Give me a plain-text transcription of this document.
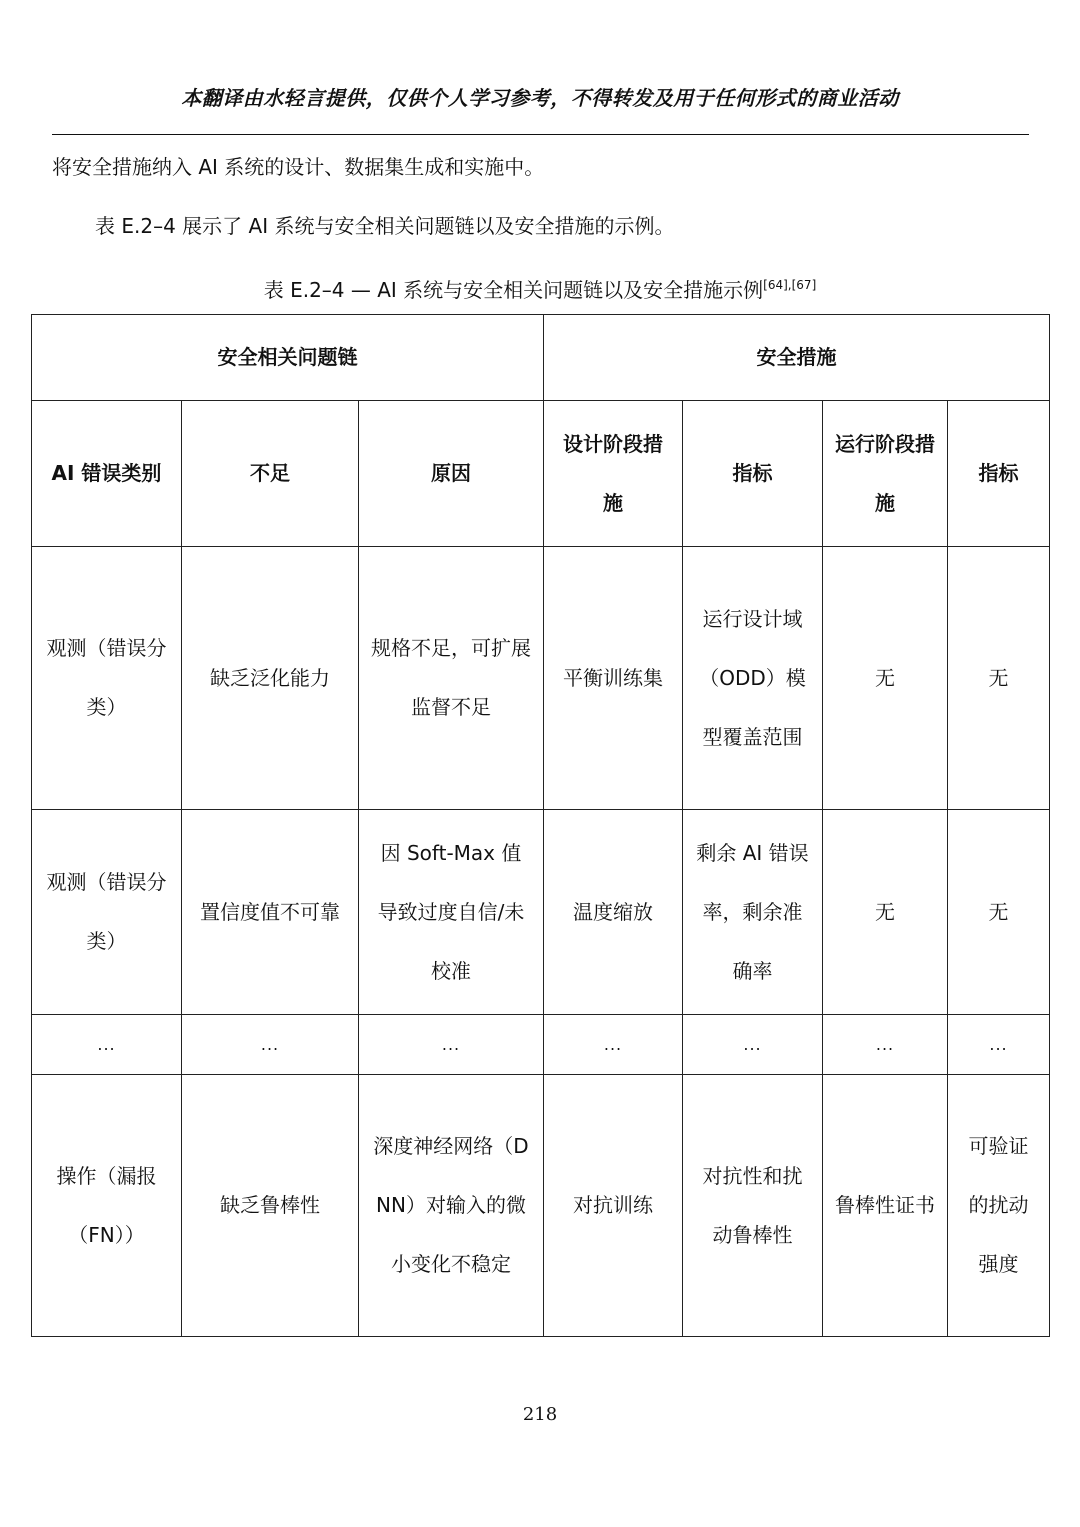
本翻译由水轻言提供，仅供个人学习参考，不得转发及用于任何形式的商业活动
将安全措施纳入 AI 系统的设计、数据集生成和实施中。
表 E.2–4 展示了 AI 系统与安全相关问题链以及安全措施的示例。
表 E.2–4 — AI 系统与安全相关问题链以及安全措施示例[64],[67]
安全相关问题链			安全措施			
AI 错误类别	不足	原因	设计阶段措施	指标	运行阶段措施	指标
观测（错误分类）	缺乏泛化能力	规格不足，可扩展监督不足	平衡训练集	运行设计域（ODD）模型覆盖范围	无	无
观测（错误分类）	置信度值不可靠	因 Soft-Max 值导致过度自信/未校准	温度缩放	剩余 AI 错误率，剩余准确率	无	无
...	...	...	...	...	...	...
操作（漏报（FN））	缺乏鲁棒性	深度神经网络（DNN）对输入的微小变化不稳定	对抗训练	对抗性和扰动鲁棒性	鲁棒性证书	可验证的扰动强度
218
